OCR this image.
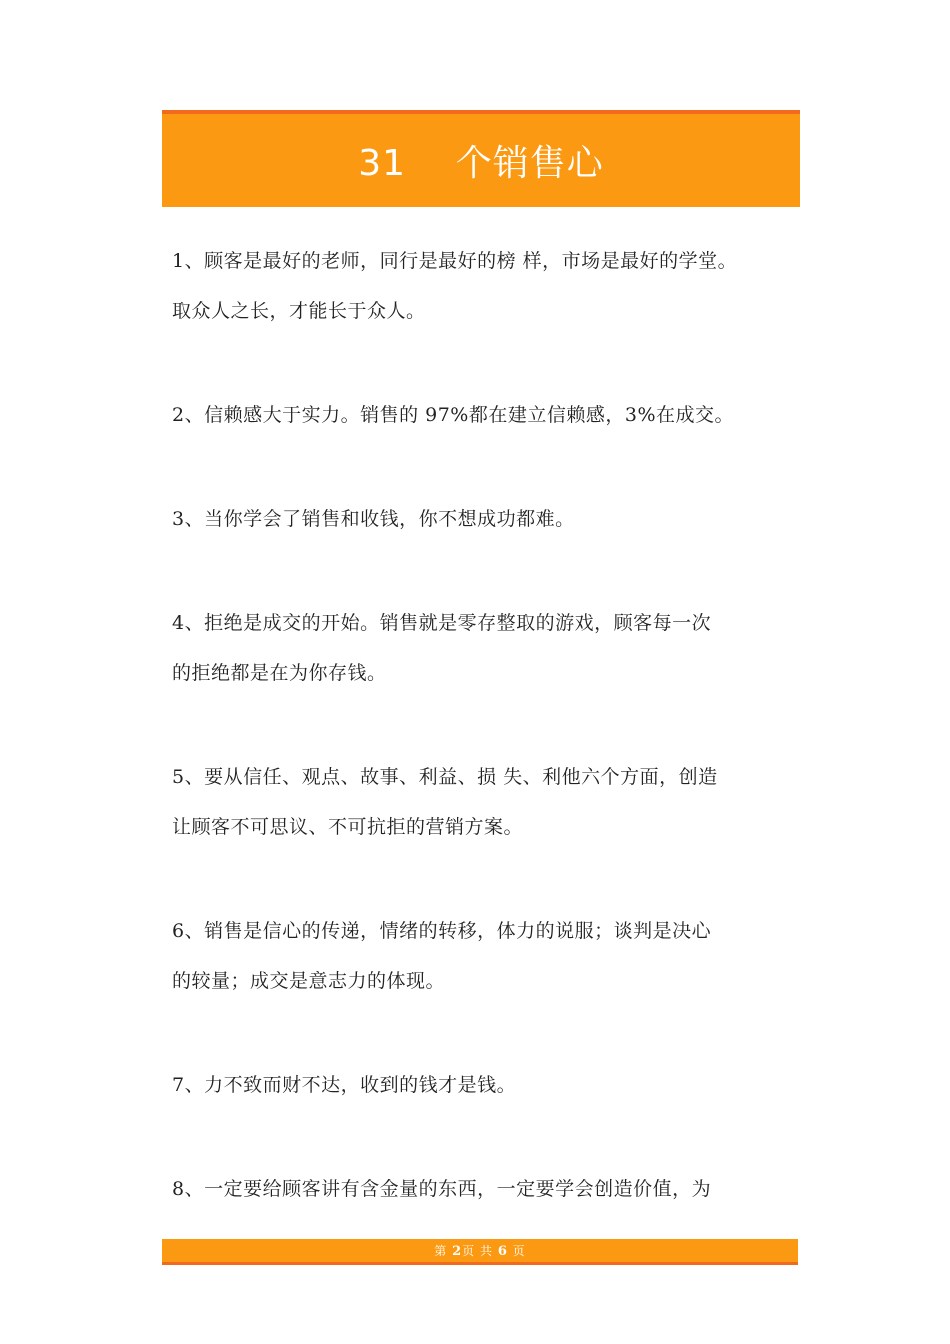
31    个销售心
1、顾客是最好的老师，同行是最好的榜 样，市场是最好的学堂。
取众人之长，才能长于众人。
2、信赖感大于实力。销售的 97%都在建立信赖感，3%在成交。
3、当你学会了销售和收钱，你不想成功都难。
4、拒绝是成交的开始。销售就是零存整取的游戏，顾客每一次
的拒绝都是在为你存钱。
5、要从信任、观点、故事、利益、损 失、利他六个方面，创造
让顾客不可思议、不可抗拒的营销方案。
6、销售是信心的传递，情绪的转移，体力的说服；谈判是决心
的较量；成交是意志力的体现。
7、力不致而财不达，收到的钱才是钱。
8、一定要给顾客讲有含金量的东西，一定要学会创造价值，为
第 2页 共 6 页
